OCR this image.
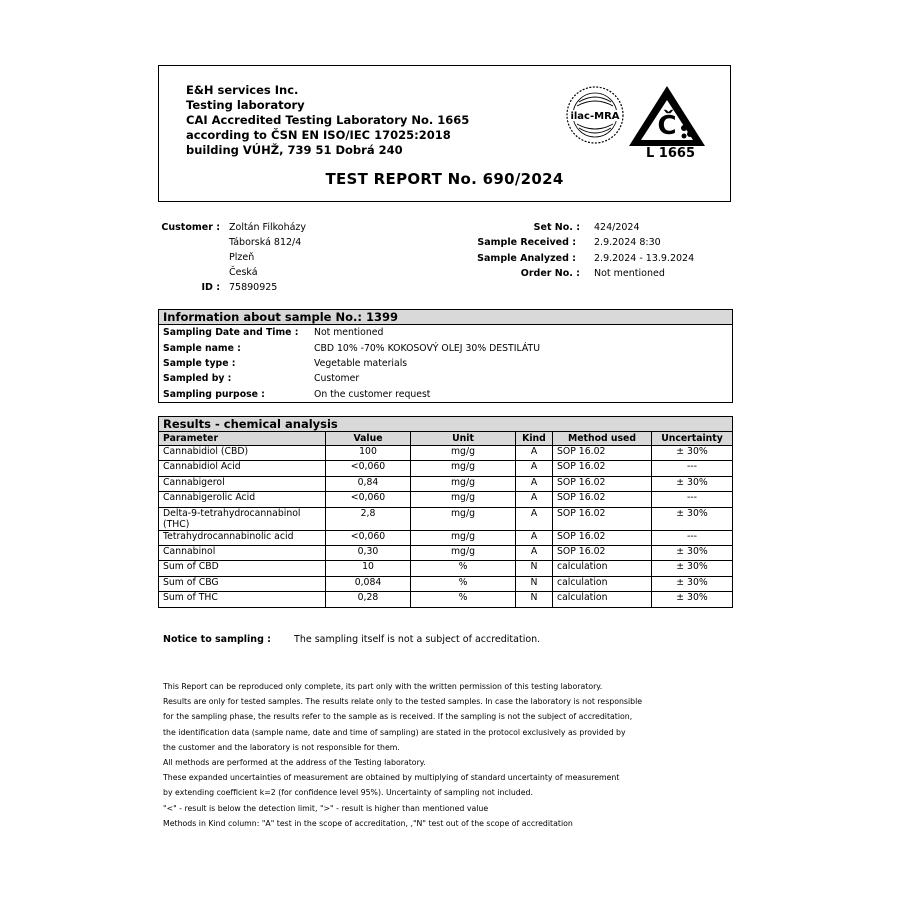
E&H services Inc.
Testing laboratory
CAI Accredited Testing Laboratory No. 1665
according to ČSN EN ISO/IEC 17025:2018
building VÚHŽ, 739 51 Dobrá 240
ilac-MRA Č
L 1665
TEST REPORT No. 690/2024
Customer : Zoltán Filkoházy
Táborská 812/4
Plzeň
Česká
ID : 75890925
Set No. : 424/2024
Sample Received : 2.9.2024 8:30
Sample Analyzed : 2.9.2024 - 13.9.2024
Order No. : Not mentioned
Information about sample No.: 1399	
Sampling Date and Time :	Not mentioned
Sample name :	CBD 10% -70% KOKOSOVÝ OLEJ 30% DESTILÁTU
Sample type :	Vegetable materials
Sampled by :	Customer
Sampling purpose :	On the customer request
Results - chemical analysis					
Parameter	Value	Unit	Kind	Method used	Uncertainty
Cannabidiol (CBD)	100	mg/g	A	SOP 16.02	± 30%
Cannabidiol Acid	<0,060	mg/g	A	SOP 16.02	---
Cannabigerol	0,84	mg/g	A	SOP 16.02	± 30%
Cannabigerolic Acid	<0,060	mg/g	A	SOP 16.02	---

Delta-9-tetrahydrocannabinol
(THC)	2,8	mg/g	A	SOP 16.02	± 30%
Tetrahydrocannabinolic acid	<0,060	mg/g	A	SOP 16.02	---
Cannabinol	0,30	mg/g	A	SOP 16.02	± 30%
Sum of CBD	10	%	N	calculation	± 30%
Sum of CBG	0,084	%	N	calculation	± 30%
Sum of THC	0,28	%	N	calculation	± 30%
Notice to sampling : The sampling itself is not a subject of accreditation.
This Report can be reproduced only complete, its part only with the written permission of this testing laboratory.
Results are only for tested samples. The results relate only to the tested samples. In case the laboratory is not responsible
for the sampling phase, the results refer to the sample as is received. If the sampling is not the subject of accreditation,
the identification data (sample name, date and time of sampling) are stated in the protocol exclusively as provided by
the customer and the laboratory is not responsible for them.
All methods are performed at the address of the Testing laboratory.
These expanded uncertainties of measurement are obtained by multiplying of standard uncertainty of measurement
by extending coefficient k=2 (for confidence level 95%). Uncertainty of sampling not included.
"<" - result is below the detection limit, ">" - result is higher than mentioned value
Methods in Kind column: "A" test in the scope of accreditation, ,"N" test out of the scope of accreditation
